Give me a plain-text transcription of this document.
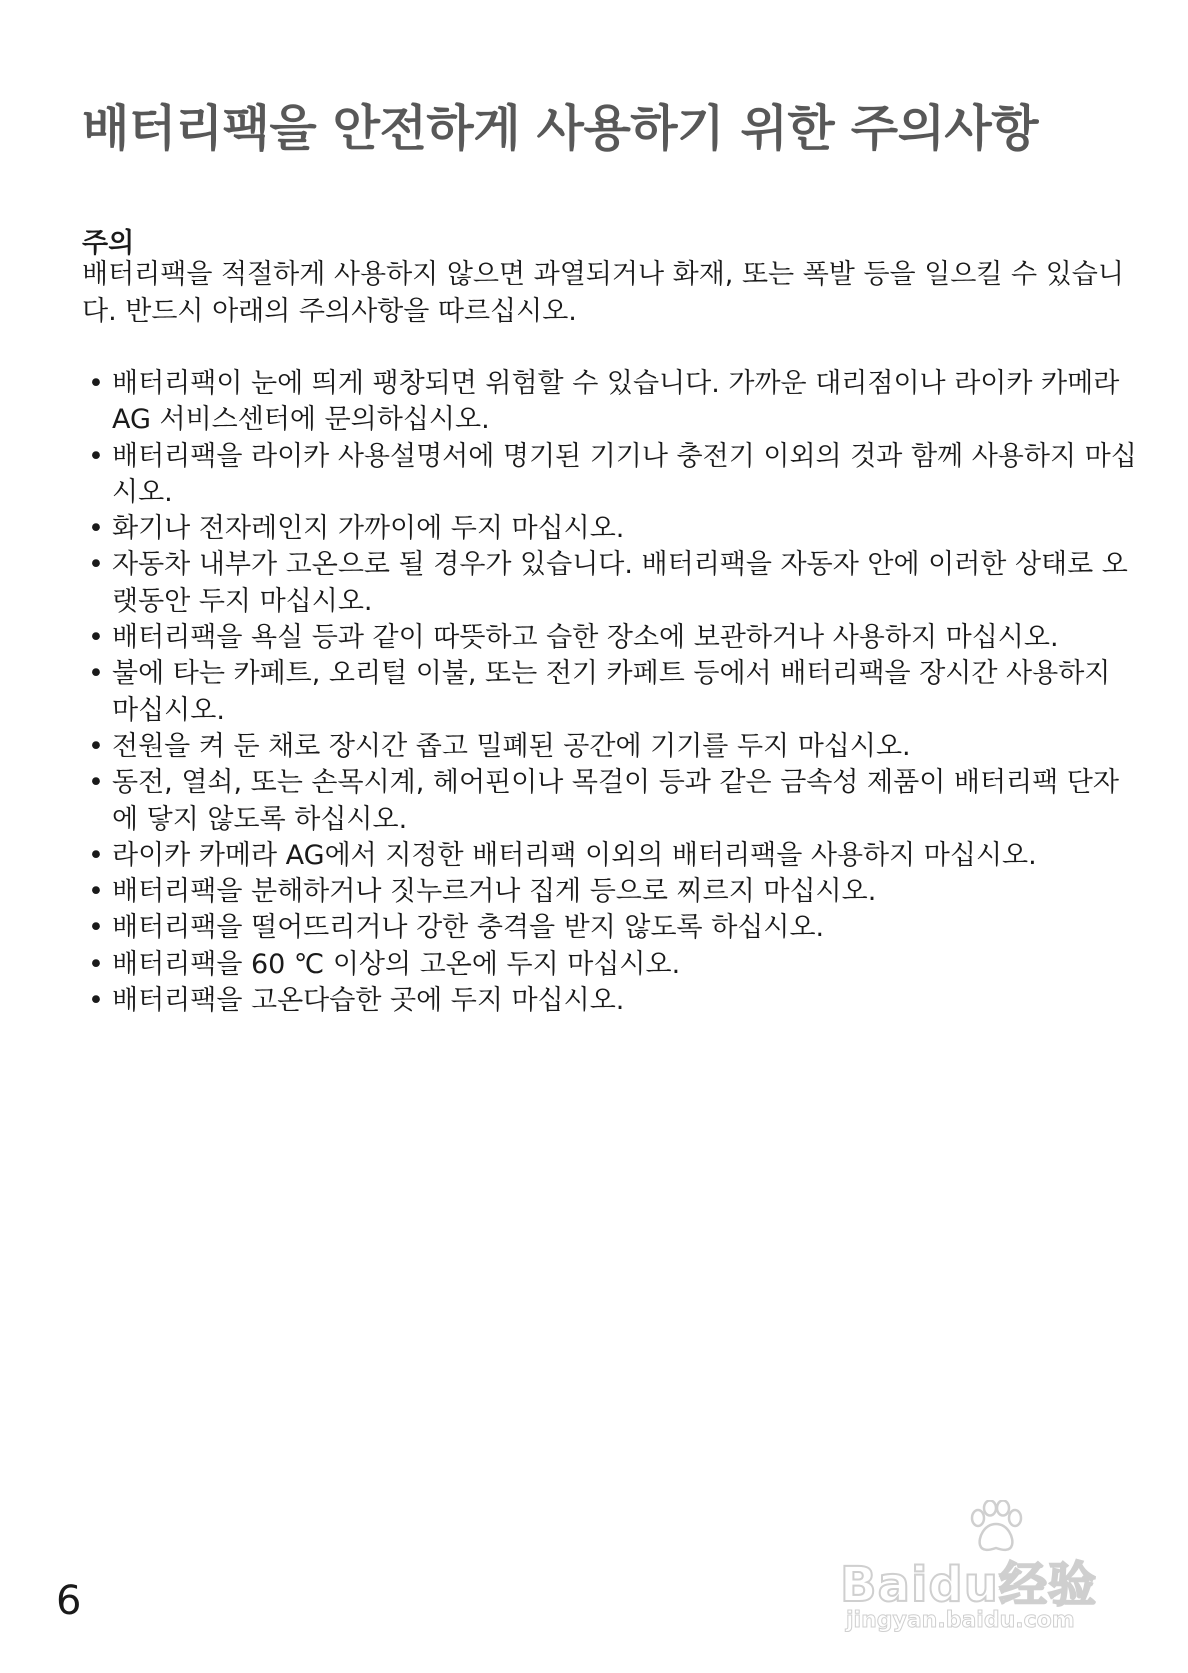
배터리팩을 안전하게 사용하기 위한 주의사항
주의

배터리팩을 적절하게 사용하지 않으면 과열되거나 화재, 또는 폭발 등을 일으킬 수 있습니다. 반드시 아래의 주의사항을 따르십시오.

• 배터리팩이 눈에 띄게 팽창되면 위험할 수 있습니다. 가까운 대리점이나 라이카 카메라 AG 서비스센터에 문의하십시오.
• 배터리팩을 라이카 사용설명서에 명기된 기기나 충전기 이외의 것과 함께 사용하지 마십시오.
• 화기나 전자레인지 가까이에 두지 마십시오.
• 자동차 내부가 고온으로 될 경우가 있습니다. 배터리팩을 자동자 안에 이러한 상태로 오랫동안 두지 마십시오.
• 배터리팩을 욕실 등과 같이 따뜻하고 습한 장소에 보관하거나 사용하지 마십시오.
• 불에 타는 카페트, 오리털 이불, 또는 전기 카페트 등에서 배터리팩을 장시간 사용하지 마십시오.
• 전원을 켜 둔 채로 장시간 좁고 밀폐된 공간에 기기를 두지 마십시오.
• 동전, 열쇠, 또는 손목시계, 헤어핀이나 목걸이 등과 같은 금속성 제품이 배터리팩 단자에 닿지 않도록 하십시오.
• 라이카 카메라 AG에서 지정한 배터리팩 이외의 배터리팩을 사용하지 마십시오.
• 배터리팩을 분해하거나 짓누르거나 집게 등으로 찌르지 마십시오.
• 배터리팩을 떨어뜨리거나 강한 충격을 받지 않도록 하십시오.
• 배터리팩을 60 ℃ 이상의 고온에 두지 마십시오.
• 배터리팩을 고온다습한 곳에 두지 마십시오.
6	Baidu经验
jingyan.baidu.com
